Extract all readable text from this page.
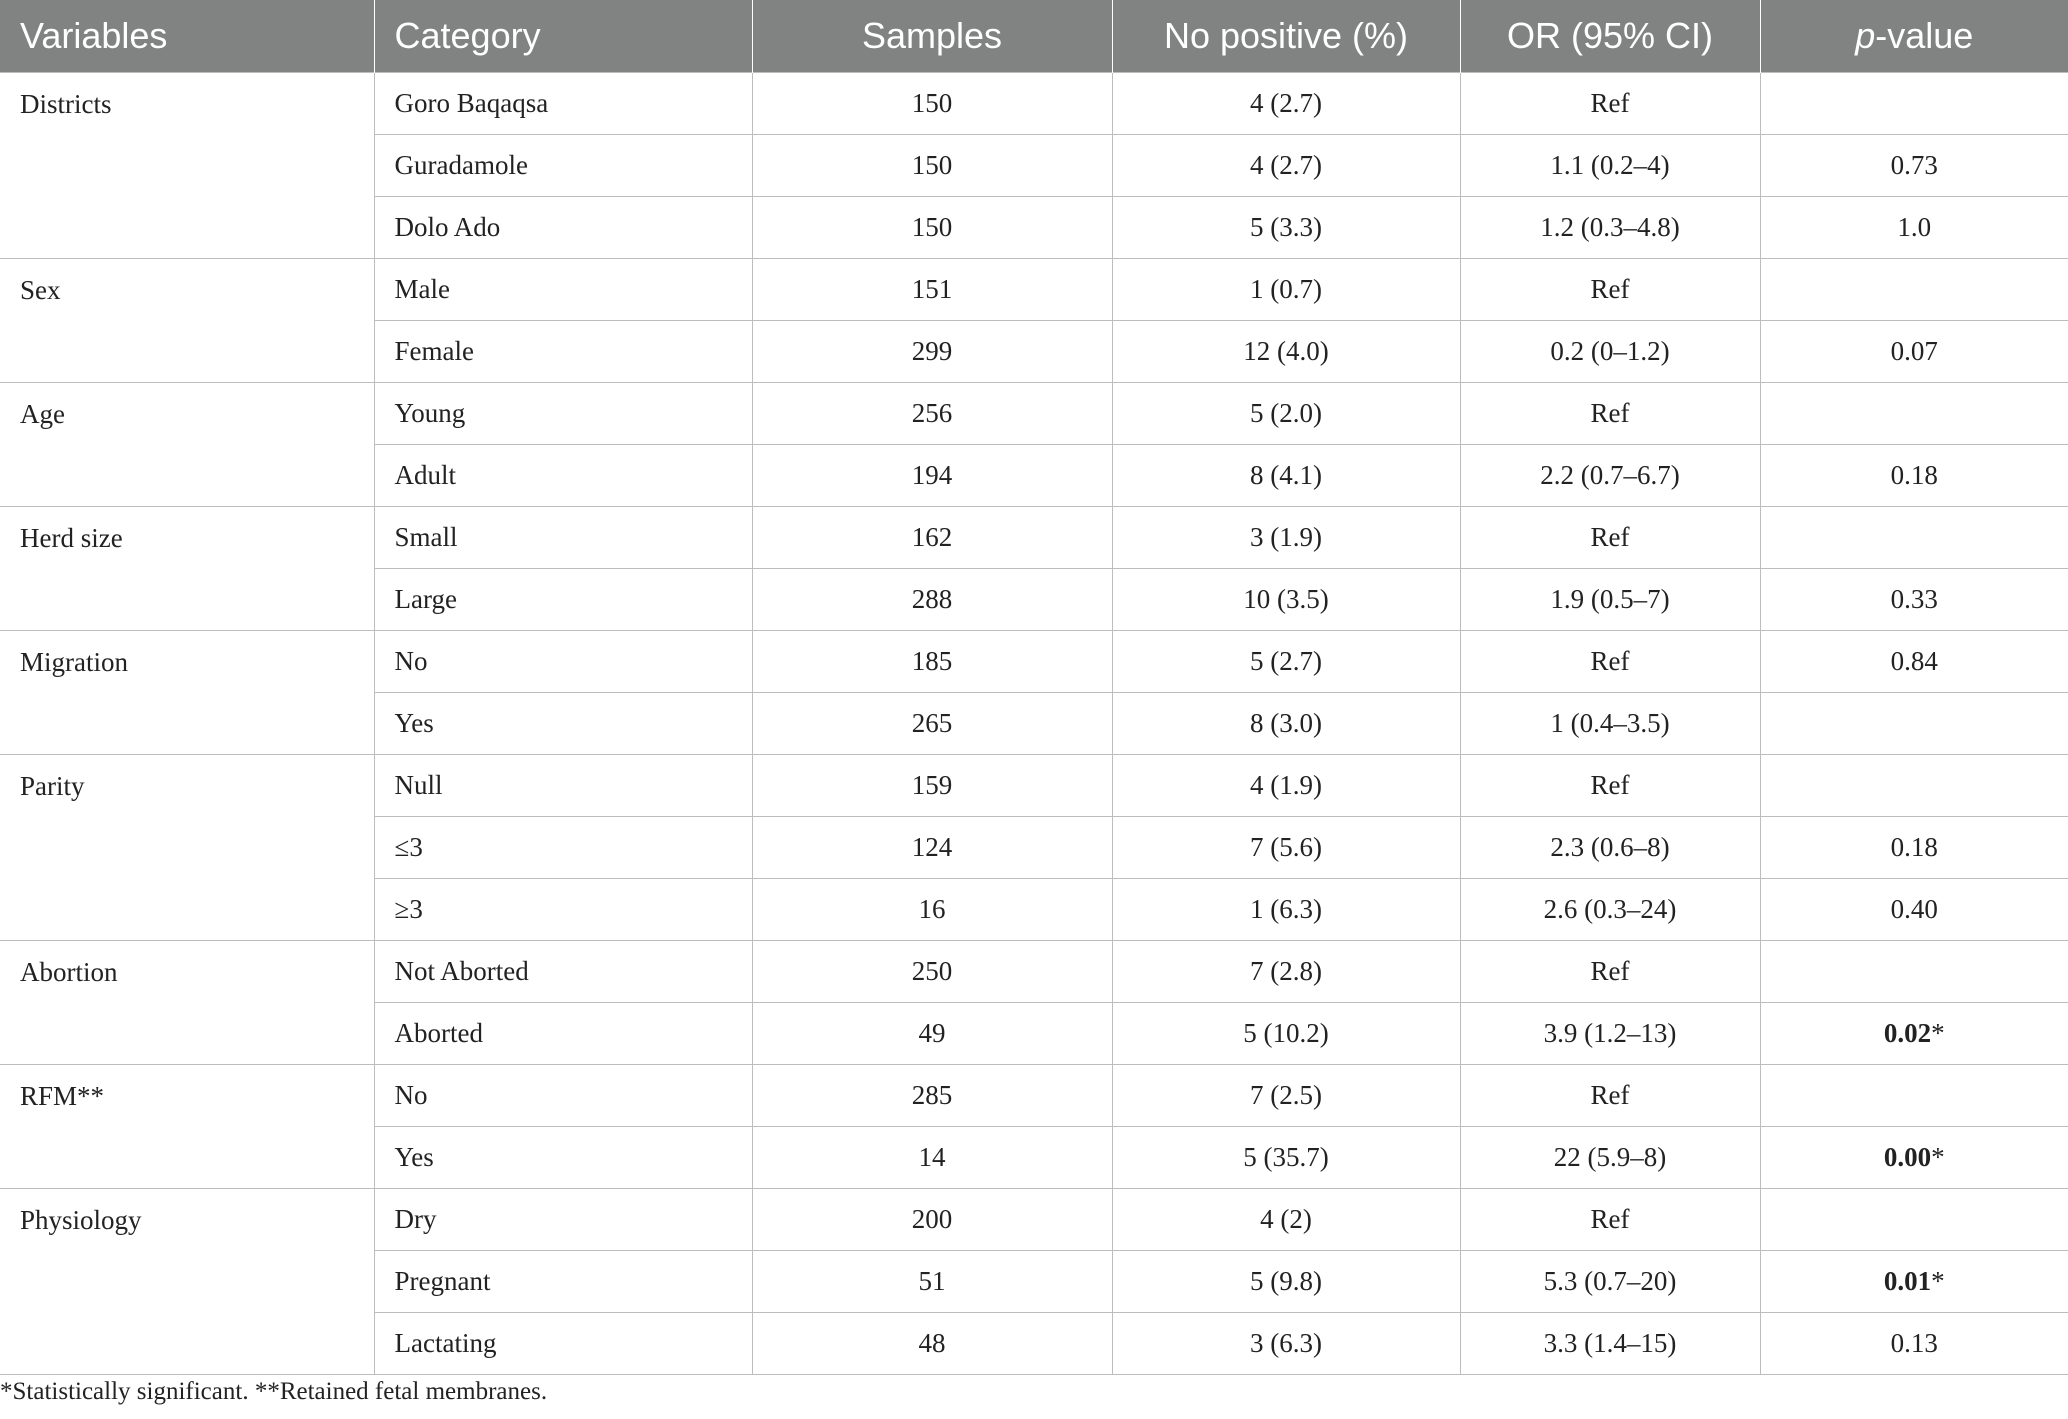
Variables	Category	Samples	No positive (%)	OR (95% CI)	p-value
Districts	Goro Baqaqsa	150	4 (2.7)	Ref	
	Guradamole	150	4 (2.7)	1.1 (0.2–4)	0.73
	Dolo Ado	150	5 (3.3)	1.2 (0.3–4.8)	1.0
Sex	Male	151	1 (0.7)	Ref	
	Female	299	12 (4.0)	0.2 (0–1.2)	0.07
Age	Young	256	5 (2.0)	Ref	
	Adult	194	8 (4.1)	2.2 (0.7–6.7)	0.18
Herd size	Small	162	3 (1.9)	Ref	
	Large	288	10 (3.5)	1.9 (0.5–7)	0.33
Migration	No	185	5 (2.7)	Ref	0.84
	Yes	265	8 (3.0)	1 (0.4–3.5)	
Parity	Null	159	4 (1.9)	Ref	
	≤3	124	7 (5.6)	2.3 (0.6–8)	0.18
	≥3	16	1 (6.3)	2.6 (0.3–24)	0.40
Abortion	Not Aborted	250	7 (2.8)	Ref	
	Aborted	49	5 (10.2)	3.9 (1.2–13)	0.02*
RFM**	No	285	7 (2.5)	Ref	
	Yes	14	5 (35.7)	22 (5.9–8)	0.00*
Physiology	Dry	200	4 (2)	Ref	
	Pregnant	51	5 (9.8)	5.3 (0.7–20)	0.01*
	Lactating	48	3 (6.3)	3.3 (1.4–15)	0.13
*Statistically significant. **Retained fetal membranes.
